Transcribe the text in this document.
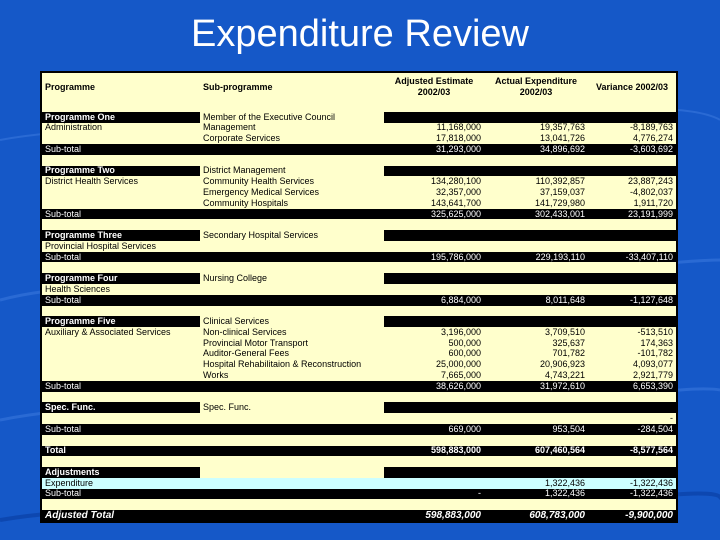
Expenditure Review
Programme	Sub-programme	Adjusted Estimate 2002/03	Actual Expenditure 2002/03	Variance 2002/03

Programme One	Member of the Executive Council	2,397,000	2,497,204	-190,204
Administration	Management	11,168,000	19,357,763	-8,189,763
	Corporate Services	17,818,000	13,041,726	4,776,274
Sub-total		31,293,000	34,896,692	-3,603,692

Programme Two	District Management	15,346,200	13,151,128	2,195,072
District Health Services	Community Health Services	134,280,100	110,392,857	23,887,243
	Emergency Medical Services	32,357,000	37,159,037	-4,802,037
	Community Hospitals	143,641,700	141,729,980	1,911,720
Sub-total		325,625,000	302,433,001	23,191,999

Programme Three	Secondary Hospital Services	195,786,000	229,193,110	-33,407,110
Provincial Hospital Services				
Sub-total		195,786,000	229,193,110	-33,407,110

Programme Four	Nursing College	6,884,000	8,011,648	-1,127,648
Health Sciences				
Sub-total		6,884,000	8,011,648	-1,127,648

Programme Five	Clinical Services	1,665,000	1,585,536	79,464
Auxiliary & Associated Services	Non-clinical Services	3,196,000	3,709,510	-513,510
	Provincial Motor Transport	500,000	325,637	174,363
	Auditor-General Fees	600,000	701,782	-101,782
	Hospital Rehabilitaion & Reconstruction	25,000,000	20,906,923	4,093,077
	Works	7,665,000	4,743,221	2,921,779
Sub-total		38,626,000	31,972,610	6,653,390

Spec. Func.	Spec. Func.	669,000	953,504	-284,504
				-
Sub-total		669,000	953,504	-284,504

Total		598,883,000	607,460,564	-8,577,564

Adjustments				
Expenditure			1,322,436	-1,322,436
Sub-total		-	1,322,436	-1,322,436

Adjusted Total		598,883,000	608,783,000	-9,900,000
